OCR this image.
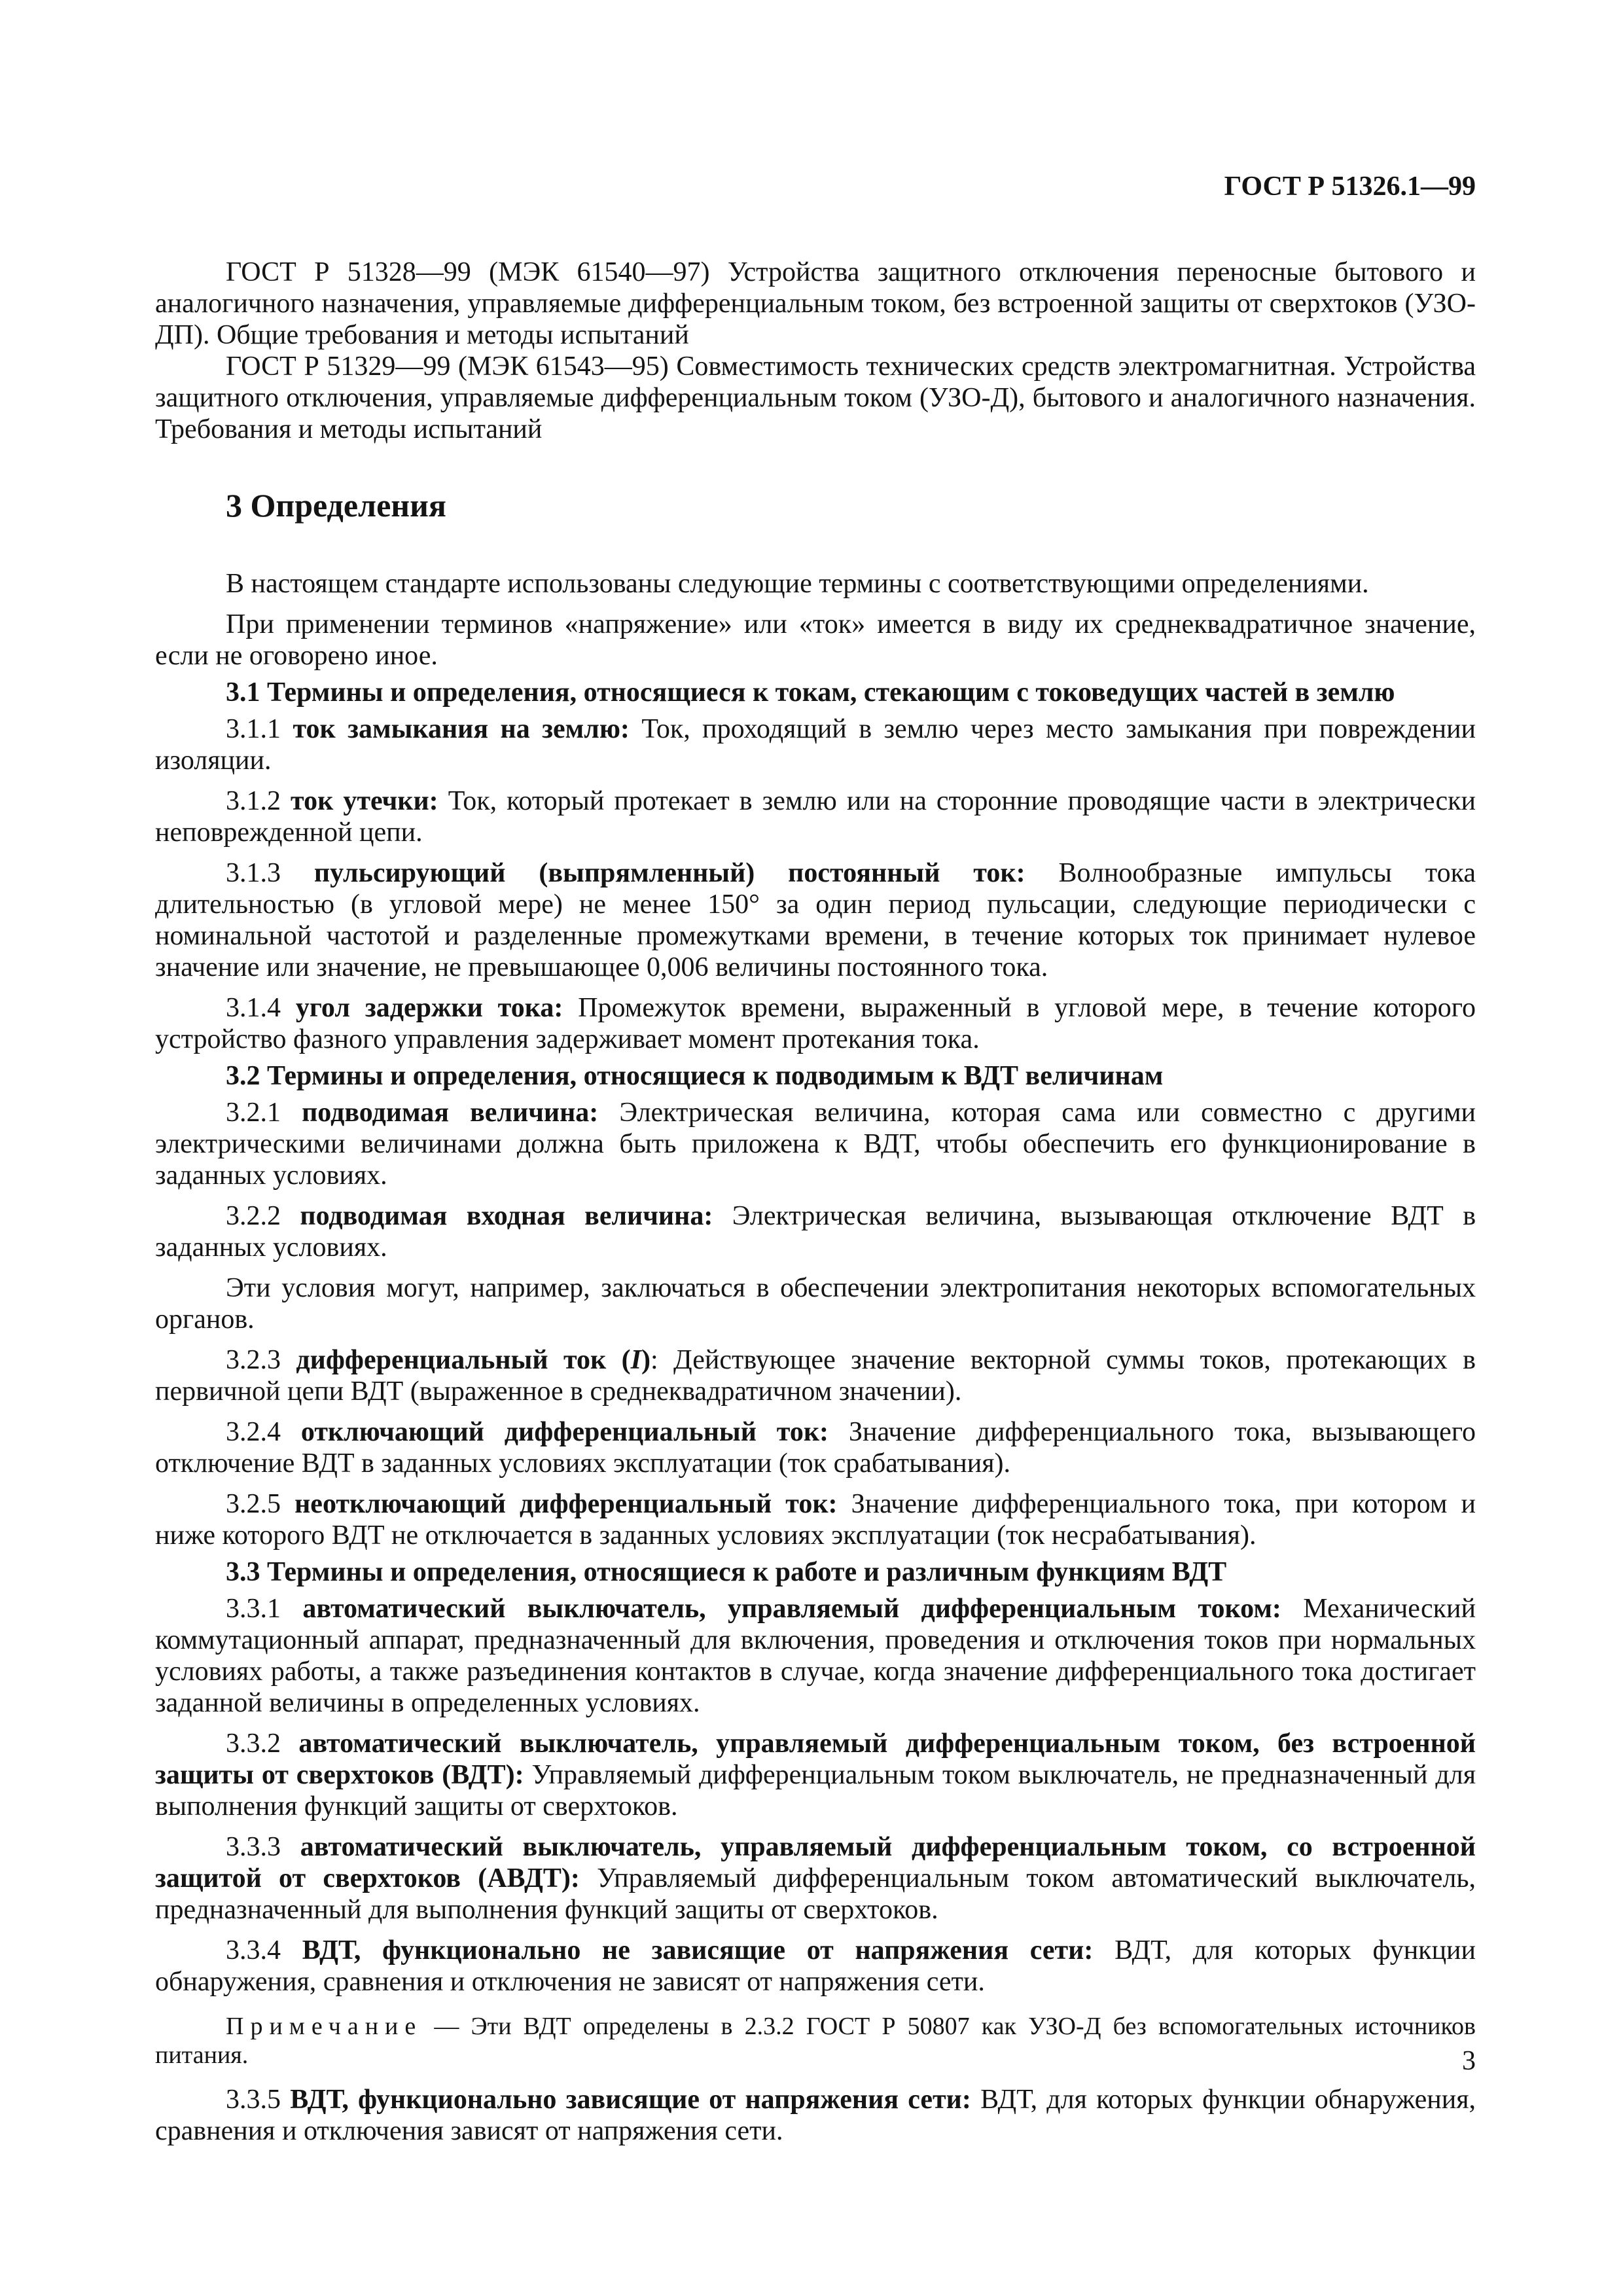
ГОСТ Р 51326.1—99

ГОСТ Р 51328—99 (МЭК 61540—97) Устройства защитного отключения переносные бытового и аналогичного назначения, управляемые дифференциальным током, без встроенной защиты от сверхтоков (УЗО-ДП). Общие требования и методы испытаний

ГОСТ Р 51329—99 (МЭК 61543—95) Совместимость технических средств электромагнитная. Устройства защитного отключения, управляемые дифференциальным током (УЗО-Д), бытового и аналогичного назначения. Требования и методы испытаний

3 Определения

В настоящем стандарте использованы следующие термины с соответствующими определениями.

При применении терминов «напряжение» или «ток» имеется в виду их среднеквадратичное значение, если не оговорено иное.

3.1 Термины и определения, относящиеся к токам, стекающим с токоведущих частей в землю

3.1.1 ток замыкания на землю: Ток, проходящий в землю через место замыкания при повреждении изоляции.

3.1.2 ток утечки: Ток, который протекает в землю или на сторонние проводящие части в электрически неповрежденной цепи.

3.1.3 пульсирующий (выпрямленный) постоянный ток: Волнообразные импульсы тока длительностью (в угловой мере) не менее 150° за один период пульсации, следующие периодически с номинальной частотой и разделенные промежутками времени, в течение которых ток принимает нулевое значение или значение, не превышающее 0,006 величины постоянного тока.

3.1.4 угол задержки тока: Промежуток времени, выраженный в угловой мере, в течение которого устройство фазного управления задерживает момент протекания тока.

3.2 Термины и определения, относящиеся к подводимым к ВДТ величинам

3.2.1 подводимая величина: Электрическая величина, которая сама или совместно с другими электрическими величинами должна быть приложена к ВДТ, чтобы обеспечить его функционирование в заданных условиях.

3.2.2 подводимая входная величина: Электрическая величина, вызывающая отключение ВДТ в заданных условиях.

Эти условия могут, например, заключаться в обеспечении электропитания некоторых вспомогательных органов.

3.2.3 дифференциальный ток (I): Действующее значение векторной суммы токов, протекающих в первичной цепи ВДТ (выраженное в среднеквадратичном значении).

3.2.4 отключающий дифференциальный ток: Значение дифференциального тока, вызывающего отключение ВДТ в заданных условиях эксплуатации (ток срабатывания).

3.2.5 неотключающий дифференциальный ток: Значение дифференциального тока, при котором и ниже которого ВДТ не отключается в заданных условиях эксплуатации (ток несрабатывания).

3.3 Термины и определения, относящиеся к работе и различным функциям ВДТ

3.3.1 автоматический выключатель, управляемый дифференциальным током: Механический коммутационный аппарат, предназначенный для включения, проведения и отключения токов при нормальных условиях работы, а также разъединения контактов в случае, когда значение дифференциального тока достигает заданной величины в определенных условиях.

3.3.2 автоматический выключатель, управляемый дифференциальным током, без встроенной защиты от сверхтоков (ВДТ): Управляемый дифференциальным током выключатель, не предназначенный для выполнения функций защиты от сверхтоков.

3.3.3 автоматический выключатель, управляемый дифференциальным током, со встроенной защитой от сверхтоков (АВДТ): Управляемый дифференциальным током автоматический выключатель, предназначенный для выполнения функций защиты от сверхтоков.

3.3.4 ВДТ, функционально не зависящие от напряжения сети: ВДТ, для которых функции обнаружения, сравнения и отключения не зависят от напряжения сети.

Примечание — Эти ВДТ определены в 2.3.2 ГОСТ Р 50807 как УЗО-Д без вспомогательных источников питания.

3.3.5 ВДТ, функционально зависящие от напряжения сети: ВДТ, для которых функции обнаружения, сравнения и отключения зависят от напряжения сети.

3
